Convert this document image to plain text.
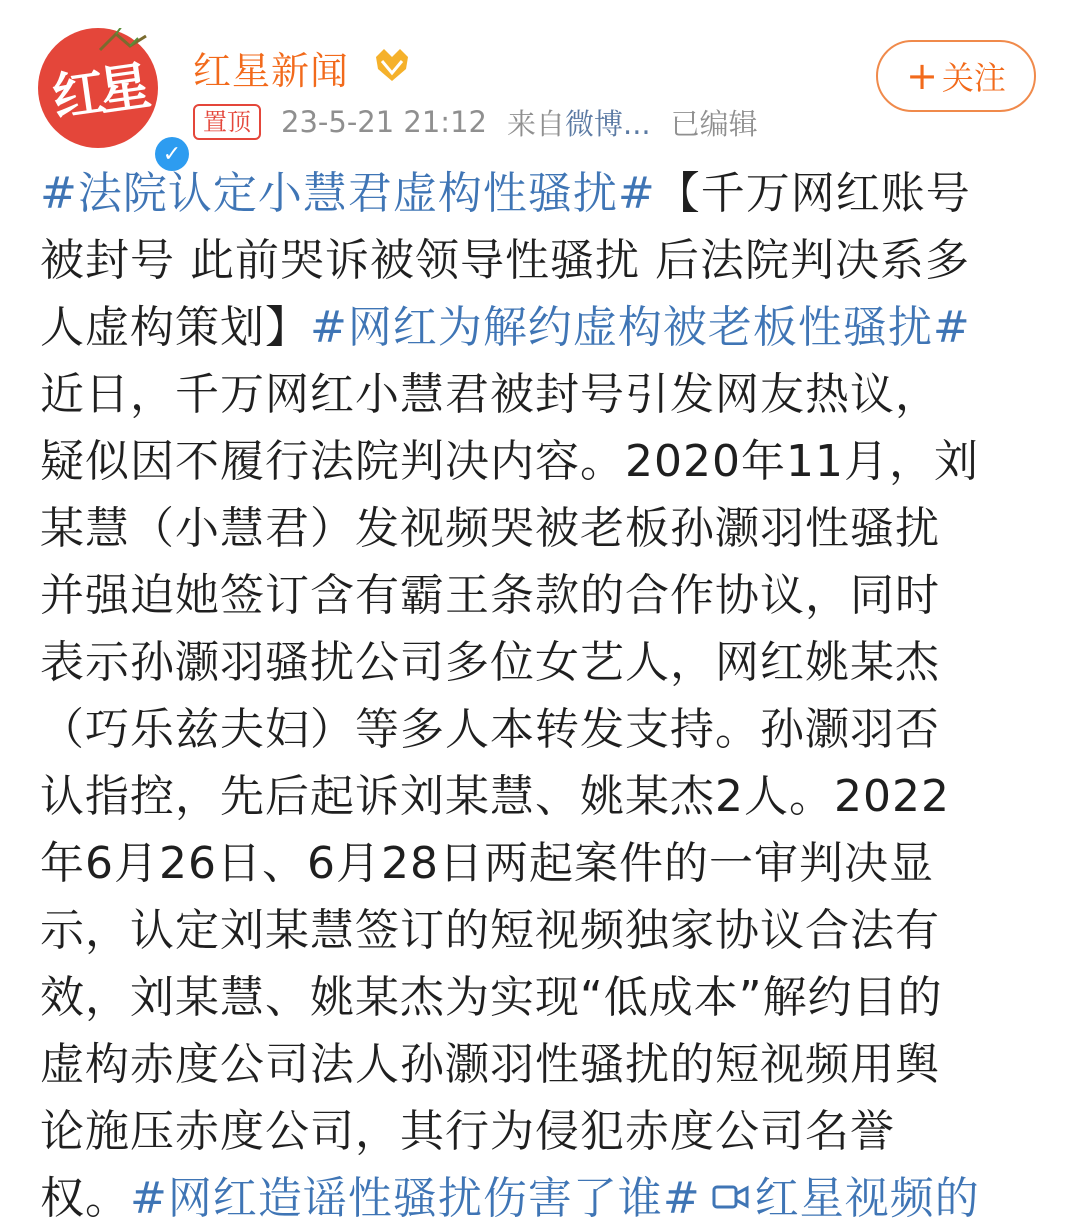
红星
✓
红星新闻
置顶	23-5-21 21:12 来自 微博... 已编辑
+ 关注
#法院认定小慧君虚构性骚扰#【千万网红账号
被封号 此前哭诉被领导性骚扰 后法院判决系多
人虚构策划】#网红为解约虚构被老板性骚扰#
近日，千万网红小慧君被封号引发网友热议，
疑似因不履行法院判决内容。2020年11月，刘
某慧（小慧君）发视频哭被老板孙灏羽性骚扰
并强迫她签订含有霸王条款的合作协议，同时
表示孙灏羽骚扰公司多位女艺人，网红姚某杰
（巧乐兹夫妇）等多人本转发支持。孙灏羽否
认指控，先后起诉刘某慧、姚某杰2人。2022
年6月26日、6月28日两起案件的一审判决显
示，认定刘某慧签订的短视频独家协议合法有
效，刘某慧、姚某杰为实现“低成本”解约目的
虚构赤度公司法人孙灏羽性骚扰的短视频用舆
论施压赤度公司，其行为侵犯赤度公司名誉
权。#网红造谣性骚扰伤害了谁# 红星视频的
